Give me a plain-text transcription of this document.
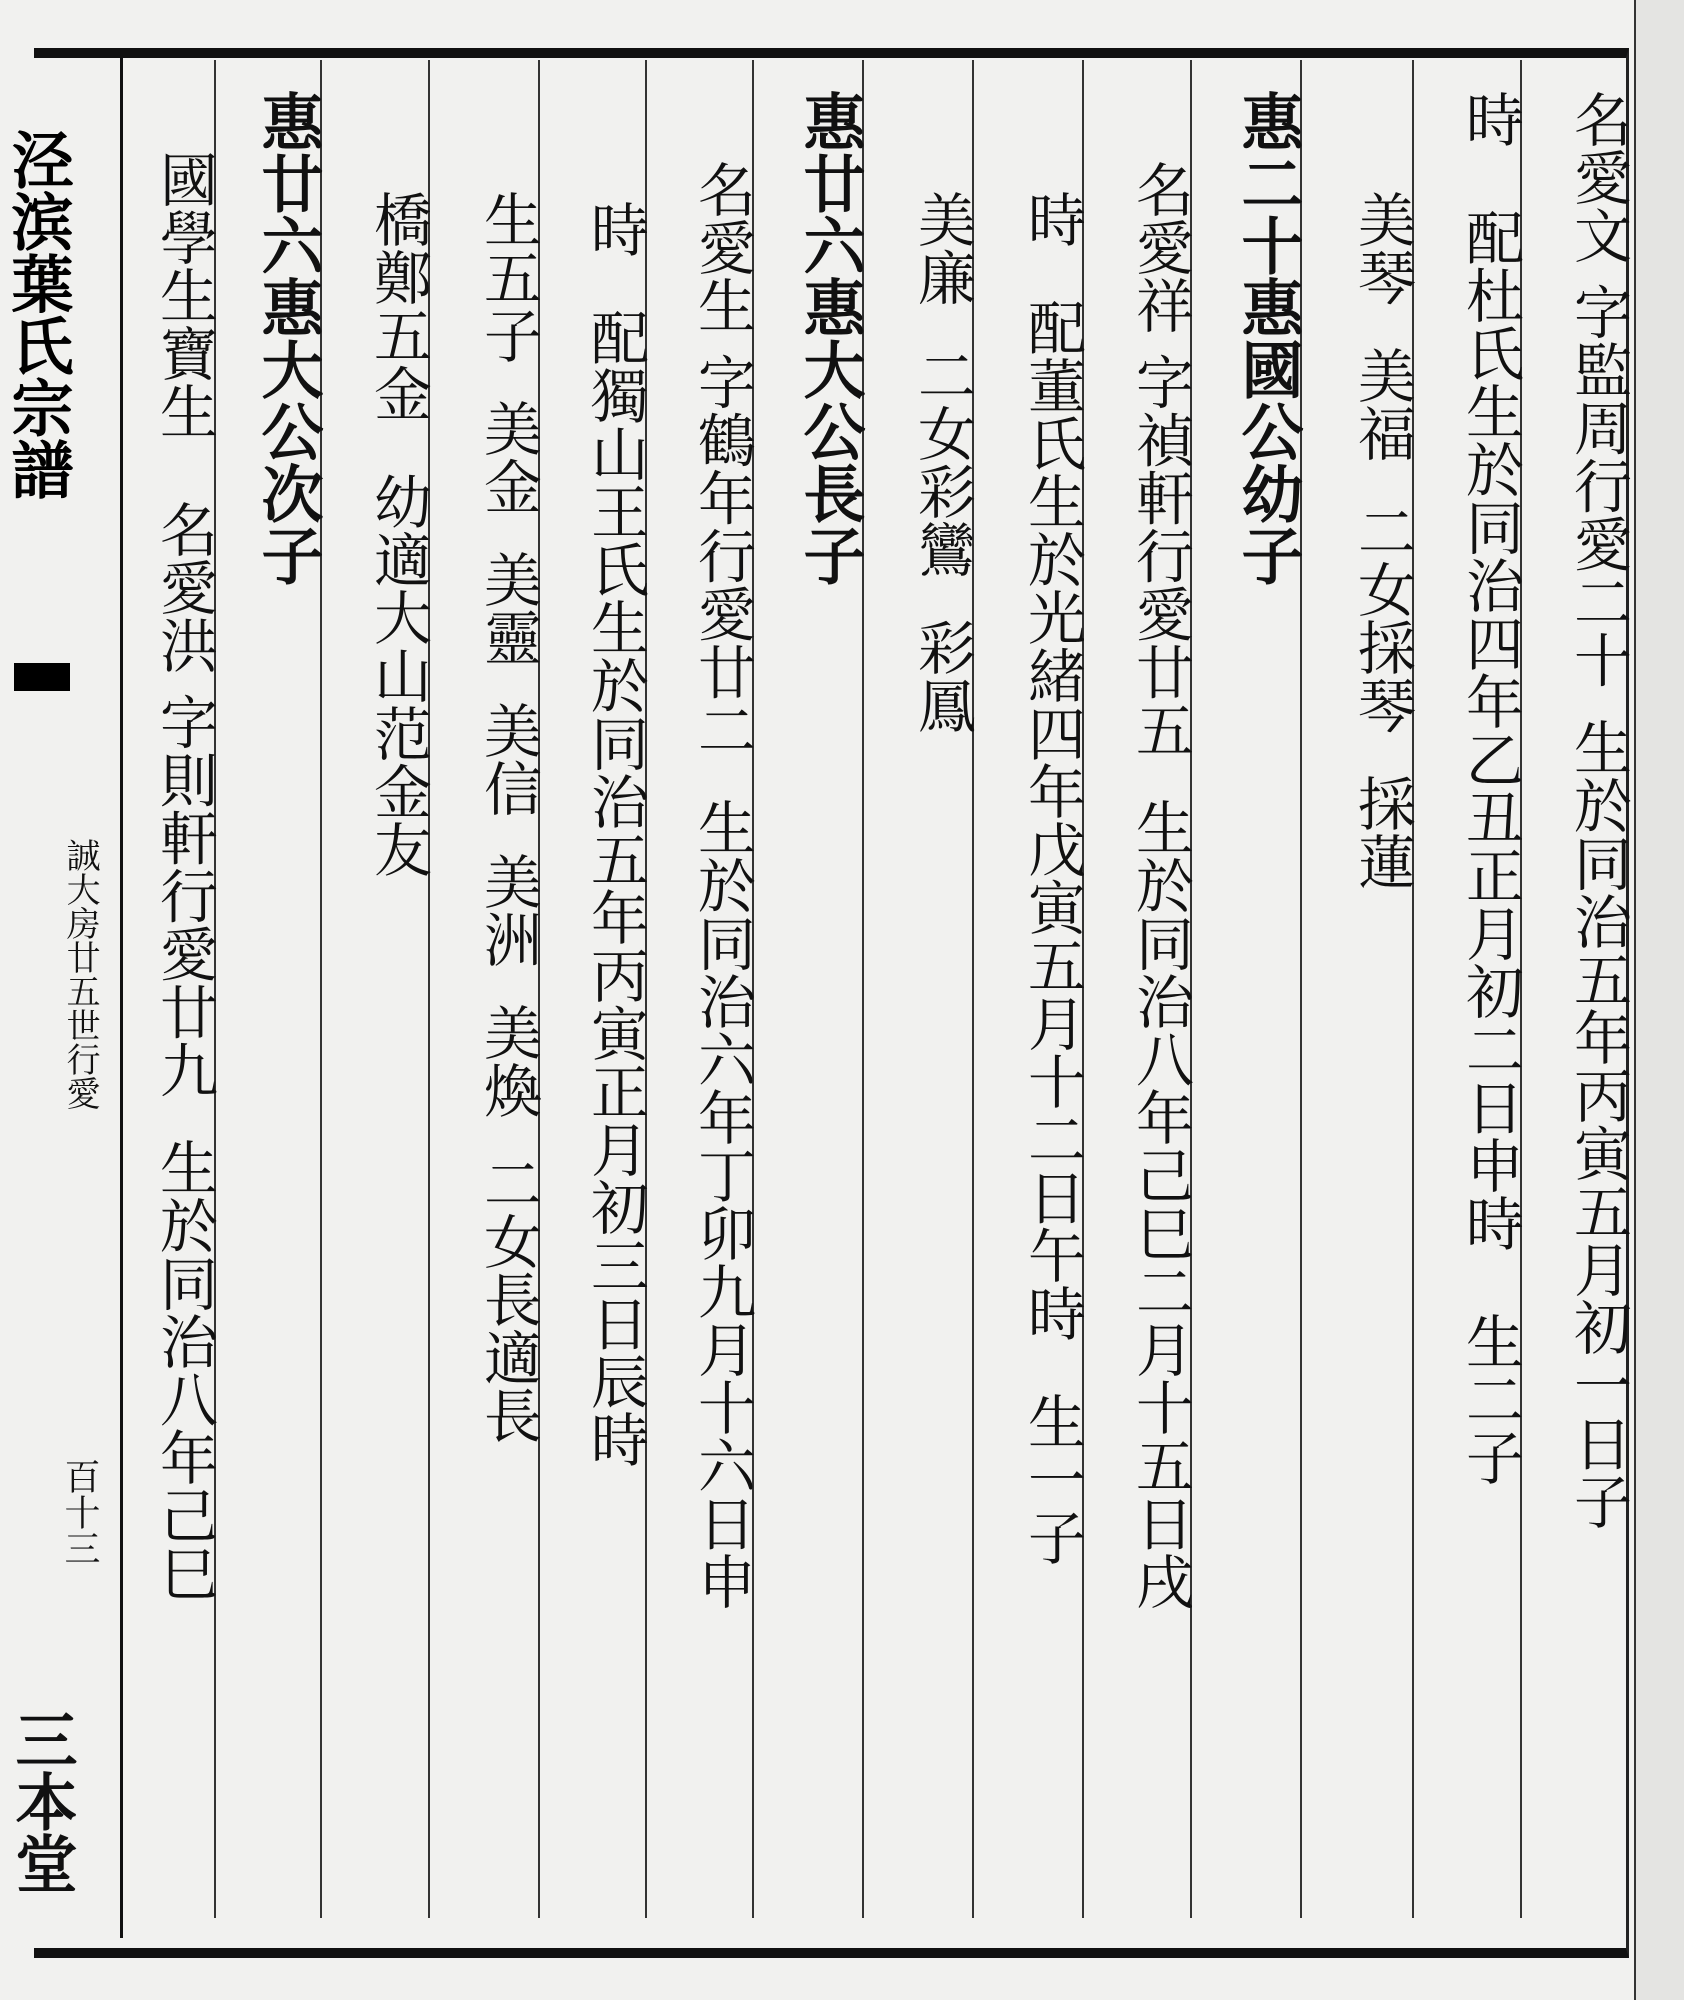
泾滨葉氏宗譜
誠大房廿五世行愛
百十三
三本堂
名愛文 字監周行愛二十生於同治五年丙寅五月初一日子
時配杜氏生於同治四年乙丑正月初二日申時生二子
美琴美福二女採琴採蓮
惠二十惠國公幼子
名愛祥 字禎軒行愛廿五生於同治八年己巳二月十五日戌
時配董氏生於光緒四年戊寅五月十二日午時生一子
美廉二女彩鸞彩鳳
惠廿六惠大公長子
名愛生 字鶴年行愛廿二生於同治六年丁卯九月十六日申
時配獨山王氏生於同治五年丙寅正月初三日辰時
生五子美金美靈美信美洲美煥二女長適長
橋鄭五金幼適大山范金友
惠廿六惠大公次子
國學生寶生名愛洪 字則軒行愛廿九生於同治八年己巳
